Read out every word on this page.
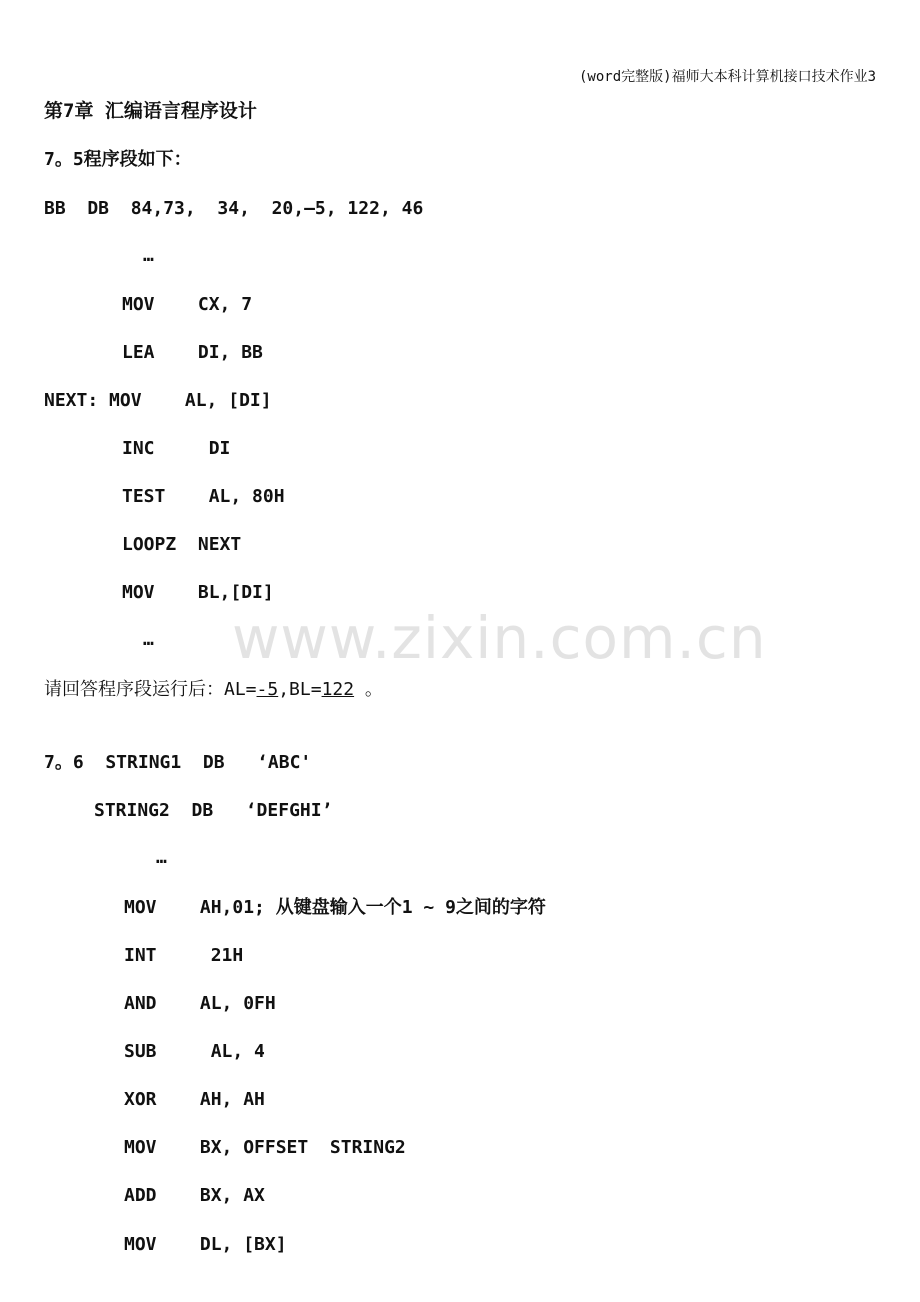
(word完整版)福师大本科计算机接口技术作业3
第7章 汇编语言程序设计
7。5程序段如下：
BB  DB  84,73,  34,  20,—5, 122, 46
…
MOV    CX, 7
LEA    DI, BB
NEXT: MOV    AL, [DI]
INC     DI
TEST    AL, 80H
LOOPZ  NEXT
MOV    BL,[DI]
…
请回答程序段运行后：AL=-5,BL=122 。
7。6  STRING1  DB   ‘ABC'
STRING2  DB   ‘DEFGHI’
…
MOV    AH,01; 从键盘输入一个1 ~ 9之间的字符
INT     21H
AND    AL, 0FH
SUB     AL, 4
XOR    AH, AH
MOV    BX, OFFSET  STRING2
ADD    BX, AX
MOV    DL, [BX]
www.zixin.com.cn
